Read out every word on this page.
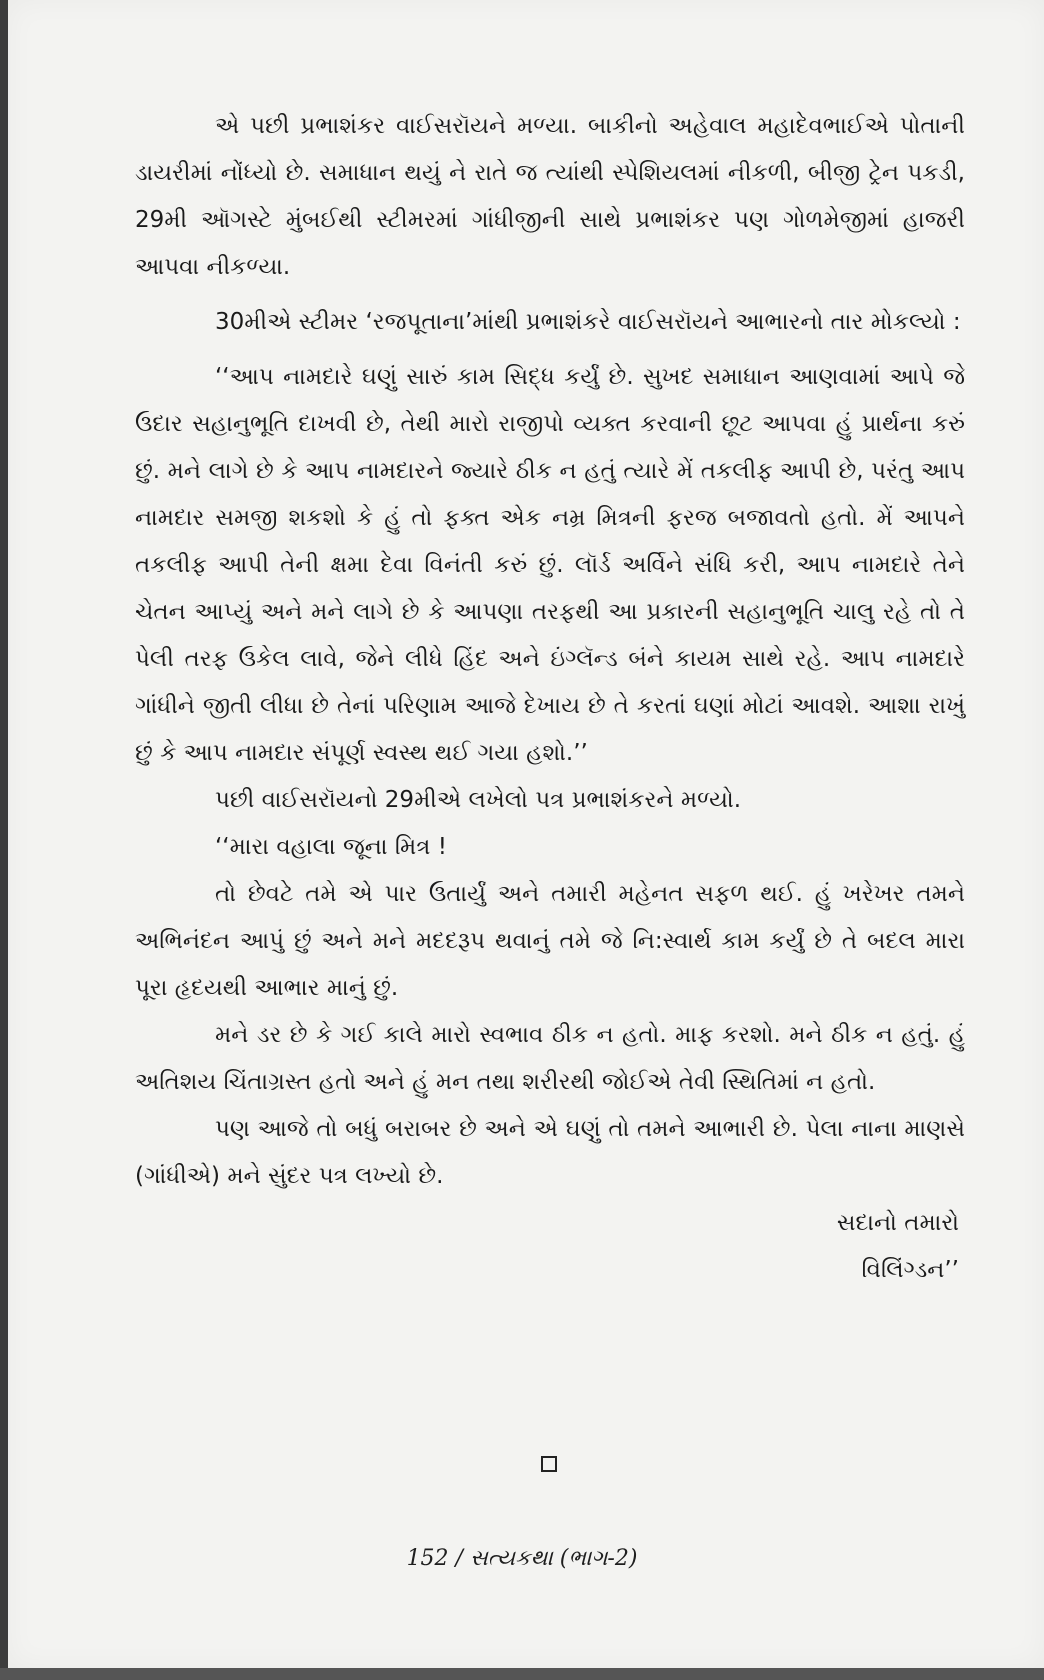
એ પછી પ્રભાશંકર વાઈસરૉયને મળ્યા. બાકીનો અહેવાલ મહાદેવભાઈએ પોતાની ડાયરીમાં નોંધ્યો છે. સમાધાન થયું ને રાતે જ ત્યાંથી સ્પેશિયલમાં નીકળી, બીજી ટ્રેન પકડી, 29મી ઑગસ્ટે મુંબઈથી સ્ટીમરમાં ગાંધીજીની સાથે પ્રભાશંકર પણ ગોળમેજીમાં હાજરી આપવા નીકળ્યા.

30મીએ સ્ટીમર ‘રજપૂતાના’માંથી પ્રભાશંકરે વાઈસરૉયને આભારનો તાર મોકલ્યો :

‘‘આપ નામદારે ઘણું સારું કામ સિદ્ધ કર્યું છે. સુખદ સમાધાન આણવામાં આપે જે ઉદાર સહાનુભૂતિ દાખવી છે, તેથી મારો રાજીપો વ્યક્ત કરવાની છૂટ આપવા હું પ્રાર્થના કરું છું. મને લાગે છે કે આપ નામદારને જ્યારે ઠીક ન હતું ત્યારે મેં તકલીફ આપી છે, પરંતુ આપ નામદાર સમજી શકશો કે હું તો ફક્ત એક નમ્ર મિત્રની ફરજ બજાવતો હતો. મેં આપને તકલીફ આપી તેની ક્ષમા દેવા વિનંતી કરું છું. લૉર્ડ અર્વિને સંધિ કરી, આપ નામદારે તેને ચેતન આપ્યું અને મને લાગે છે કે આપણા તરફથી આ પ્રકારની સહાનુભૂતિ ચાલુ રહે તો તે પેલી તરફ ઉકેલ લાવે, જેને લીધે હિંદ અને ઇંગ્લૅન્ડ બંને કાયમ સાથે રહે. આપ નામદારે ગાંધીને જીતી લીધા છે તેનાં પરિણામ આજે દેખાય છે તે કરતાં ઘણાં મોટાં આવશે. આશા રાખું છું કે આપ નામદાર સંપૂર્ણ સ્વસ્થ થઈ ગયા હશો.’’

પછી વાઈસરૉયનો 29મીએ લખેલો પત્ર પ્રભાશંકરને મળ્યો.

‘‘મારા વહાલા જૂના મિત્ર !

તો છેવટે તમે એ પાર ઉતાર્યું અને તમારી મહેનત સફળ થઈ. હું ખરેખર તમને અભિનંદન આપું છું અને મને મદદરૂપ થવાનું તમે જે નિ:સ્વાર્થ કામ કર્યું છે તે બદલ મારા પૂરા હૃદયથી આભાર માનું છું.

મને ડર છે કે ગઈ કાલે મારો સ્વભાવ ઠીક ન હતો. માફ કરશો. મને ઠીક ન હતું. હું અતિશય ચિંતાગ્રસ્ત હતો અને હું મન તથા શરીરથી જોઈએ તેવી સ્થિતિમાં ન હતો.

પણ આજે તો બધું બરાબર છે અને એ ઘણું તો તમને આભારી છે. પેલા નાના માણસે (ગાંધીએ) મને સુંદર પત્ર લખ્યો છે.

સદાનો તમારો

વિલિંગ્ડન’’

152 / સત્યકથા (ભાગ-2)
